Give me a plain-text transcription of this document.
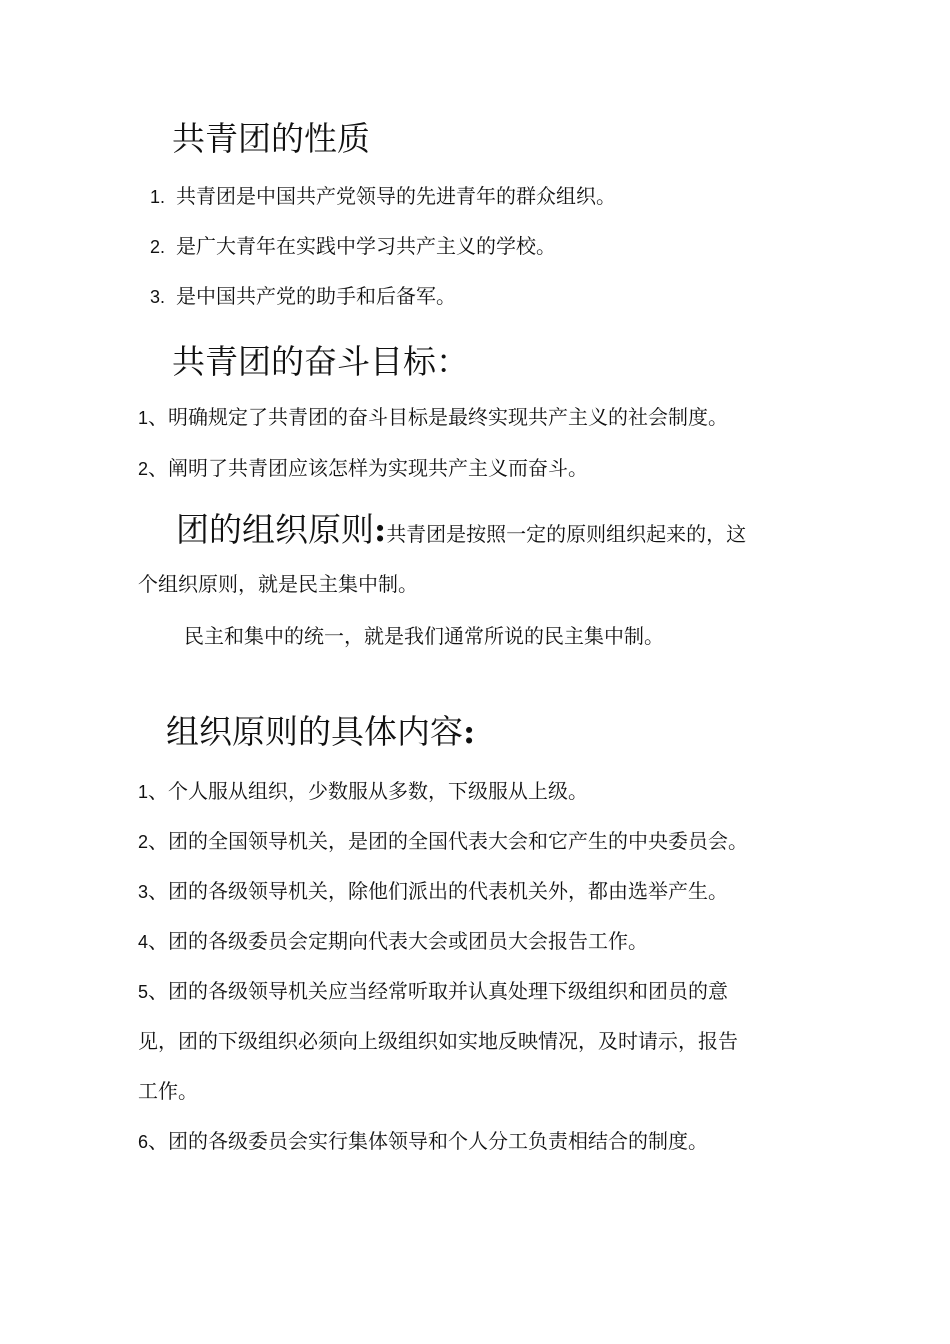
共青团的性质
1. 共青团是中国共产党领导的先进青年的群众组织。
2. 是广大青年在实践中学习共产主义的学校。
3. 是中国共产党的助手和后备军。
共青团的奋斗目标：
1、明确规定了共青团的奋斗目标是最终实现共产主义的社会制度。
2、阐明了共青团应该怎样为实现共产主义而奋斗。
团的组织原则:共青团是按照一定的原则组织起来的，这
个组织原则，就是民主集中制。
民主和集中的统一，就是我们通常所说的民主集中制。
组织原则的具体内容:
1、个人服从组织，少数服从多数，下级服从上级。
2、团的全国领导机关，是团的全国代表大会和它产生的中央委员会。
3、团的各级领导机关，除他们派出的代表机关外，都由选举产生。
4、团的各级委员会定期向代表大会或团员大会报告工作。
5、团的各级领导机关应当经常听取并认真处理下级组织和团员的意
见，团的下级组织必须向上级组织如实地反映情况，及时请示，报告
工作。
6、团的各级委员会实行集体领导和个人分工负责相结合的制度。
